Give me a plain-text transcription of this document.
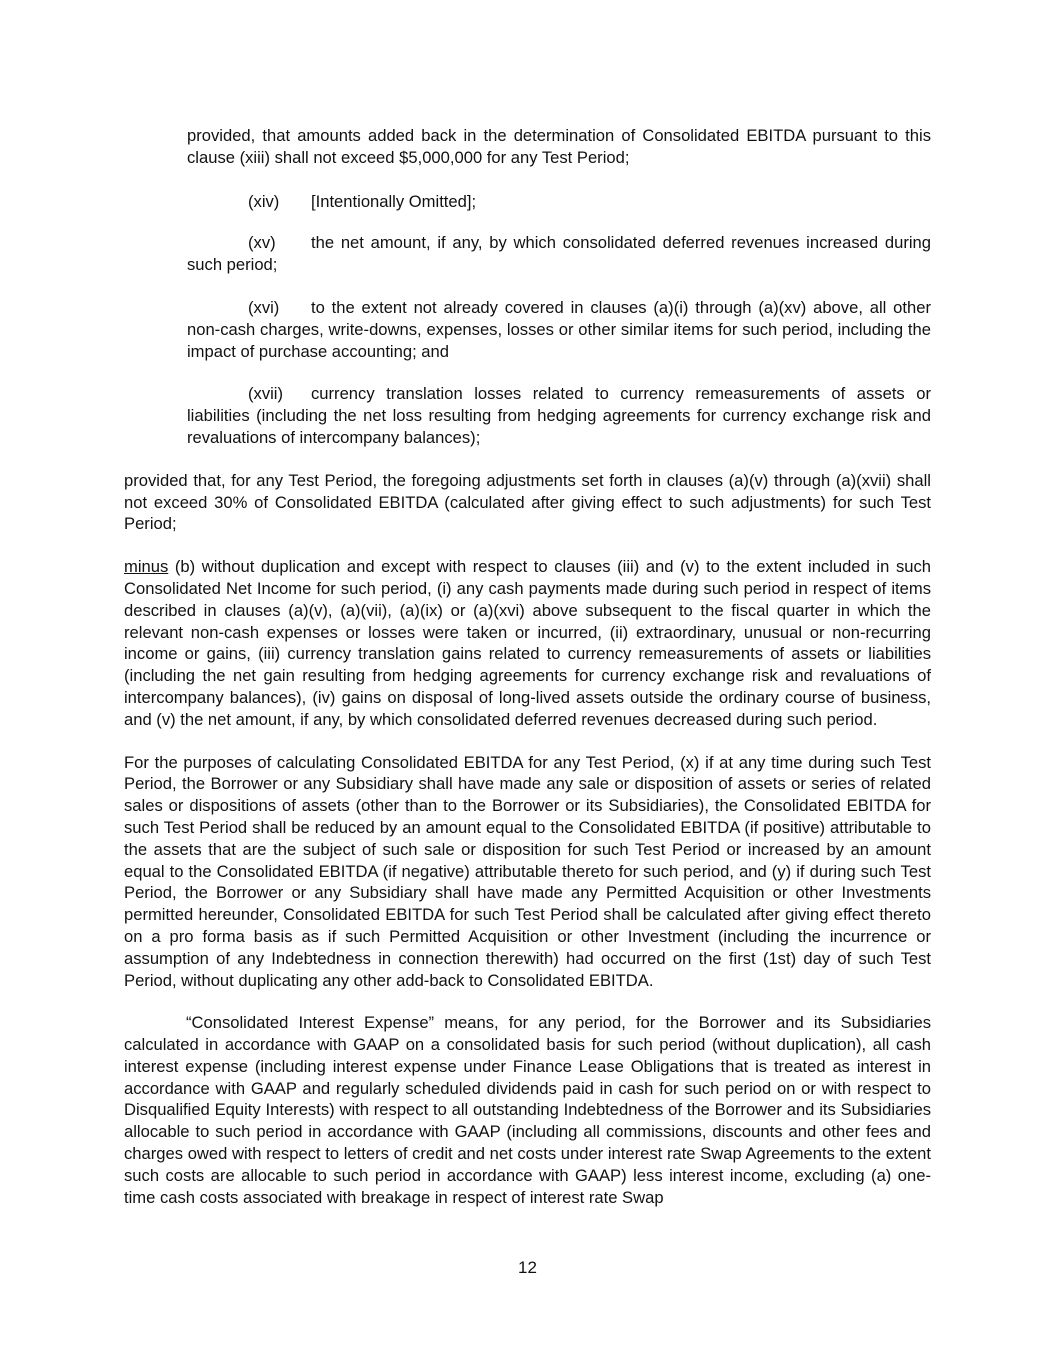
provided, that amounts added back in the determination of Consolidated EBITDA pursuant to this clause (xiii) shall not exceed $5,000,000 for any Test Period;

(xiv) [Intentionally Omitted];

(xv) the net amount, if any, by which consolidated deferred revenues increased during such period;

(xvi) to the extent not already covered in clauses (a)(i) through (a)(xv) above, all other non-cash charges, write-downs, expenses, losses or other similar items for such period, including the impact of purchase accounting; and

(xvii) currency translation losses related to currency remeasurements of assets or liabilities (including the net loss resulting from hedging agreements for currency exchange risk and revaluations of intercompany balances);

provided that, for any Test Period, the foregoing adjustments set forth in clauses (a)(v) through (a)(xvii) shall not exceed 30% of Consolidated EBITDA (calculated after giving effect to such adjustments) for such Test Period;

minus (b) without duplication and except with respect to clauses (iii) and (v) to the extent included in such Consolidated Net Income for such period, (i) any cash payments made during such period in respect of items described in clauses (a)(v), (a)(vii), (a)(ix) or (a)(xvi) above subsequent to the fiscal quarter in which the relevant non-cash expenses or losses were taken or incurred, (ii) extraordinary, unusual or non-recurring income or gains, (iii) currency translation gains related to currency remeasurements of assets or liabilities (including the net gain resulting from hedging agreements for currency exchange risk and revaluations of intercompany balances), (iv) gains on disposal of long-lived assets outside the ordinary course of business, and (v) the net amount, if any, by which consolidated deferred revenues decreased during such period.

For the purposes of calculating Consolidated EBITDA for any Test Period, (x) if at any time during such Test Period, the Borrower or any Subsidiary shall have made any sale or disposition of assets or series of related sales or dispositions of assets (other than to the Borrower or its Subsidiaries), the Consolidated EBITDA for such Test Period shall be reduced by an amount equal to the Consolidated EBITDA (if positive) attributable to the assets that are the subject of such sale or disposition for such Test Period or increased by an amount equal to the Consolidated EBITDA (if negative) attributable thereto for such period, and (y) if during such Test Period, the Borrower or any Subsidiary shall have made any Permitted Acquisition or other Investments permitted hereunder, Consolidated EBITDA for such Test Period shall be calculated after giving effect thereto on a pro forma basis as if such Permitted Acquisition or other Investment (including the incurrence or assumption of any Indebtedness in connection therewith) had occurred on the first (1st) day of such Test Period, without duplicating any other add-back to Consolidated EBITDA.

“Consolidated Interest Expense” means, for any period, for the Borrower and its Subsidiaries calculated in accordance with GAAP on a consolidated basis for such period (without duplication), all cash interest expense (including interest expense under Finance Lease Obligations that is treated as interest in accordance with GAAP and regularly scheduled dividends paid in cash for such period on or with respect to Disqualified Equity Interests) with respect to all outstanding Indebtedness of the Borrower and its Subsidiaries allocable to such period in accordance with GAAP (including all commissions, discounts and other fees and charges owed with respect to letters of credit and net costs under interest rate Swap Agreements to the extent such costs are allocable to such period in accordance with GAAP) less interest income, excluding (a) one-time cash costs associated with breakage in respect of interest rate Swap

12
